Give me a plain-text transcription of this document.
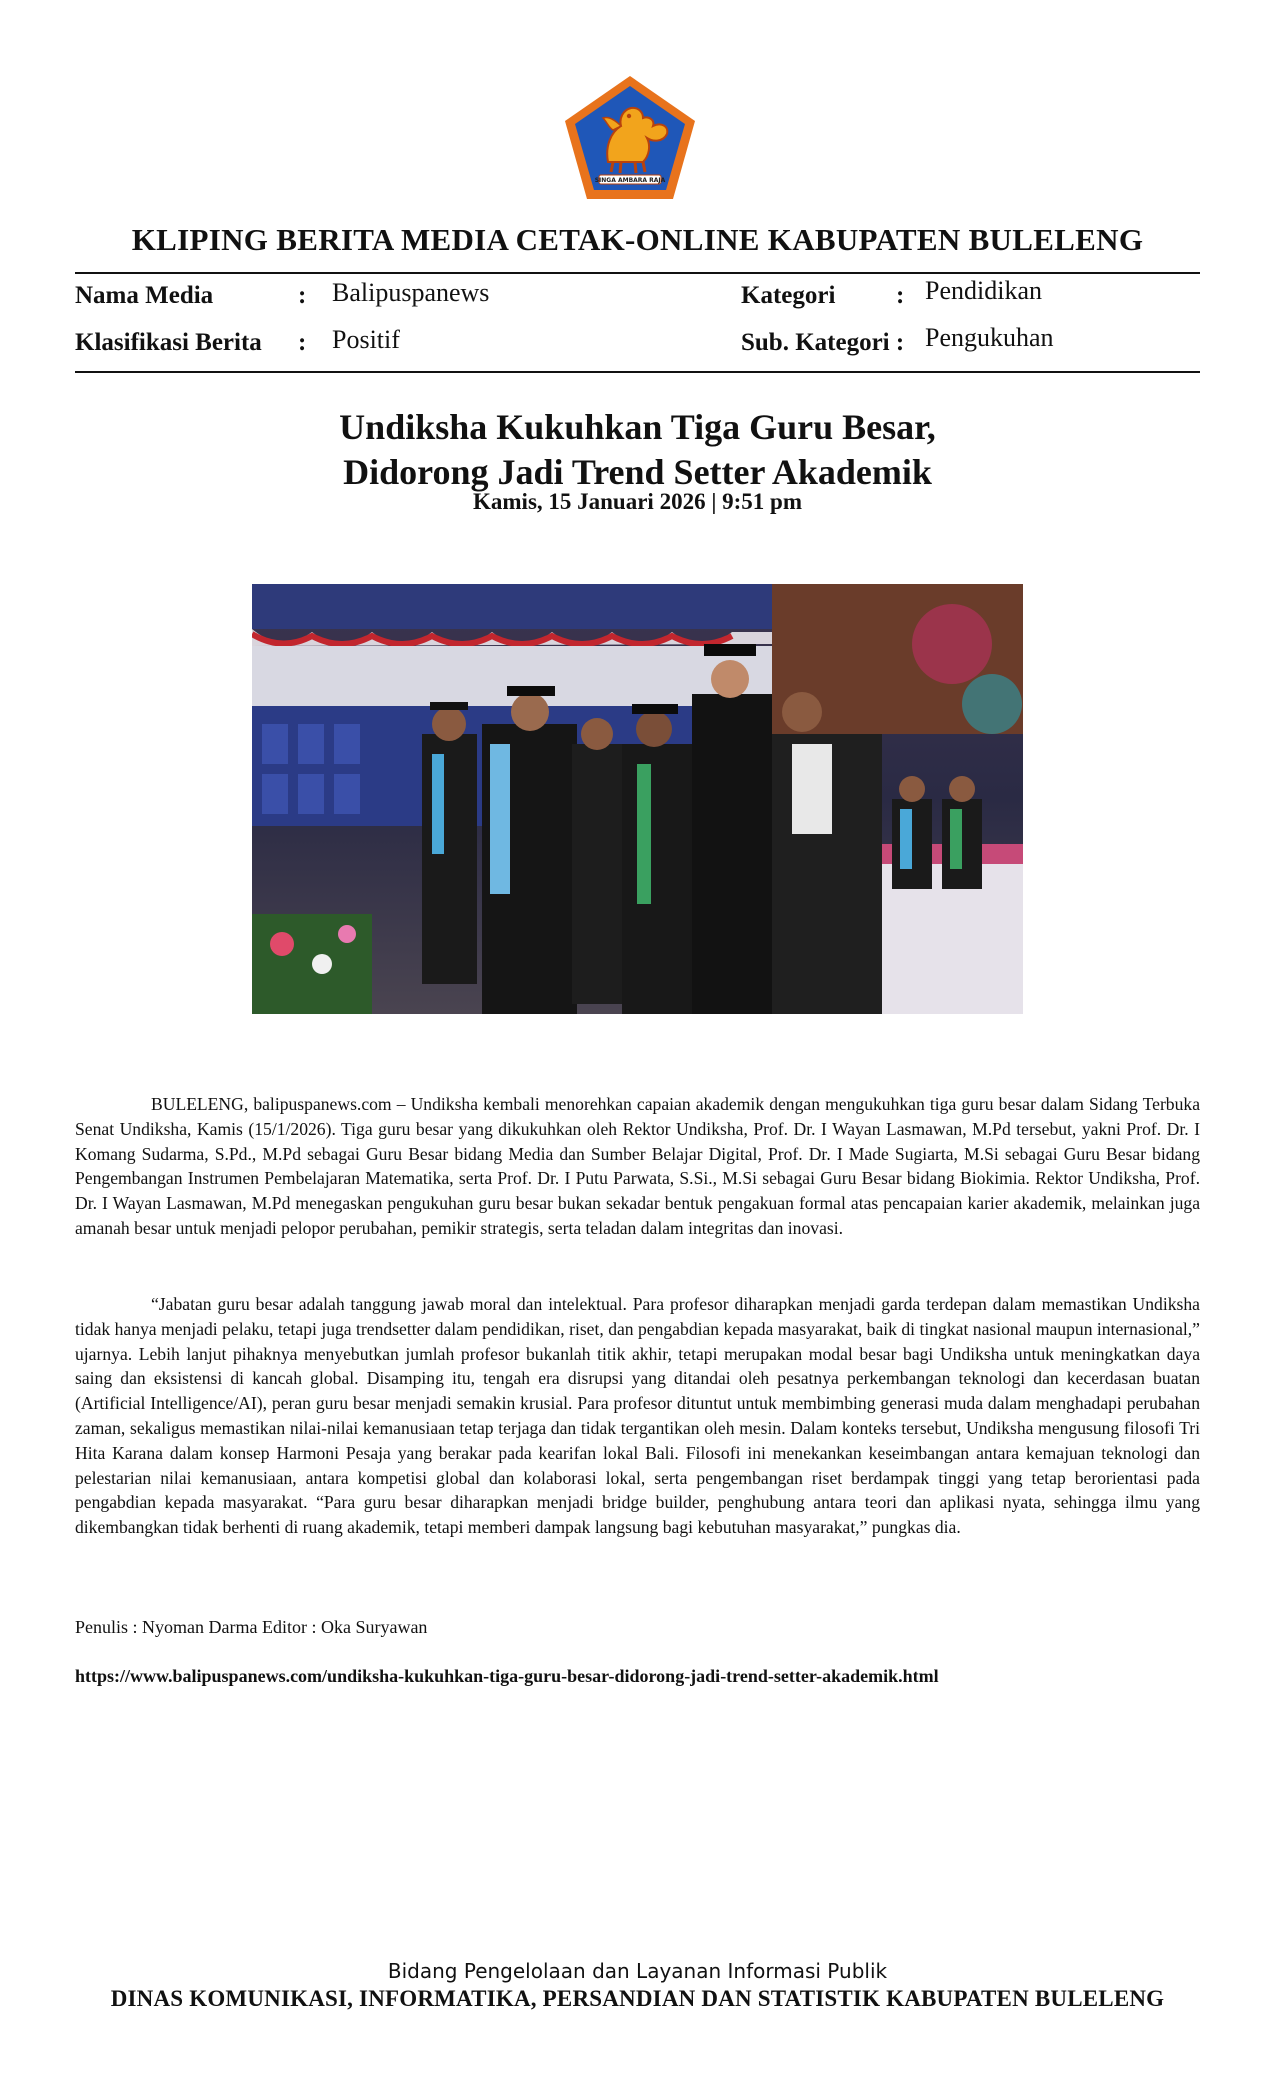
SINGA AMBARA RAJA
KLIPING BERITA MEDIA CETAK-ONLINE KABUPATEN BULELENG
Nama Media	: Balipuspanews
Klasifikasi Berita : Positif
Kategori : Pendidikan
Sub. Kategori : Pengukuhan
Undiksha Kukuhkan Tiga Guru Besar,
Didorong Jadi Trend Setter Akademik
Kamis, 15 Januari 2026 | 9:51 pm

BULELENG, balipuspanews.com – Undiksha kembali menorehkan capaian akademik dengan mengukuhkan tiga guru besar dalam Sidang Terbuka Senat Undiksha, Kamis (15/1/2026). Tiga guru besar yang dikukuhkan oleh Rektor Undiksha, Prof. Dr. I Wayan Lasmawan, M.Pd tersebut, yakni Prof. Dr. I Komang Sudarma, S.Pd., M.Pd sebagai Guru Besar bidang Media dan Sumber Belajar Digital, Prof. Dr. I Made Sugiarta, M.Si sebagai Guru Besar bidang Pengembangan Instrumen Pembelajaran Matematika, serta Prof. Dr. I Putu Parwata, S.Si., M.Si sebagai Guru Besar bidang Biokimia. Rektor Undiksha, Prof. Dr. I Wayan Lasmawan, M.Pd menegaskan pengukuhan guru besar bukan sekadar bentuk pengakuan formal atas pencapaian karier akademik, melainkan juga amanah besar untuk menjadi pelopor perubahan, pemikir strategis, serta teladan dalam integritas dan inovasi.

“Jabatan guru besar adalah tanggung jawab moral dan intelektual. Para profesor diharapkan menjadi garda terdepan dalam memastikan Undiksha tidak hanya menjadi pelaku, tetapi juga trendsetter dalam pendidikan, riset, dan pengabdian kepada masyarakat, baik di tingkat nasional maupun internasional,” ujarnya. Lebih lanjut pihaknya menyebutkan jumlah profesor bukanlah titik akhir, tetapi merupakan modal besar bagi Undiksha untuk meningkatkan daya saing dan eksistensi di kancah global. Disamping itu, tengah era disrupsi yang ditandai oleh pesatnya perkembangan teknologi dan kecerdasan buatan (Artificial Intelligence/AI), peran guru besar menjadi semakin krusial. Para profesor dituntut untuk membimbing generasi muda dalam menghadapi perubahan zaman, sekaligus memastikan nilai-nilai kemanusiaan tetap terjaga dan tidak tergantikan oleh mesin. Dalam konteks tersebut, Undiksha mengusung filosofi Tri Hita Karana dalam konsep Harmoni Pesaja yang berakar pada kearifan lokal Bali. Filosofi ini menekankan keseimbangan antara kemajuan teknologi dan pelestarian nilai kemanusiaan, antara kompetisi global dan kolaborasi lokal, serta pengembangan riset berdampak tinggi yang tetap berorientasi pada pengabdian kepada masyarakat. “Para guru besar diharapkan menjadi bridge builder, penghubung antara teori dan aplikasi nyata, sehingga ilmu yang dikembangkan tidak berhenti di ruang akademik, tetapi memberi dampak langsung bagi kebutuhan masyarakat,” pungkas dia.

Penulis : Nyoman Darma Editor : Oka Suryawan
https://www.balipuspanews.com/undiksha-kukuhkan-tiga-guru-besar-didorong-jadi-trend-setter-akademik.html
Bidang Pengelolaan dan Layanan Informasi Publik
DINAS KOMUNIKASI, INFORMATIKA, PERSANDIAN DAN STATISTIK KABUPATEN BULELENG
